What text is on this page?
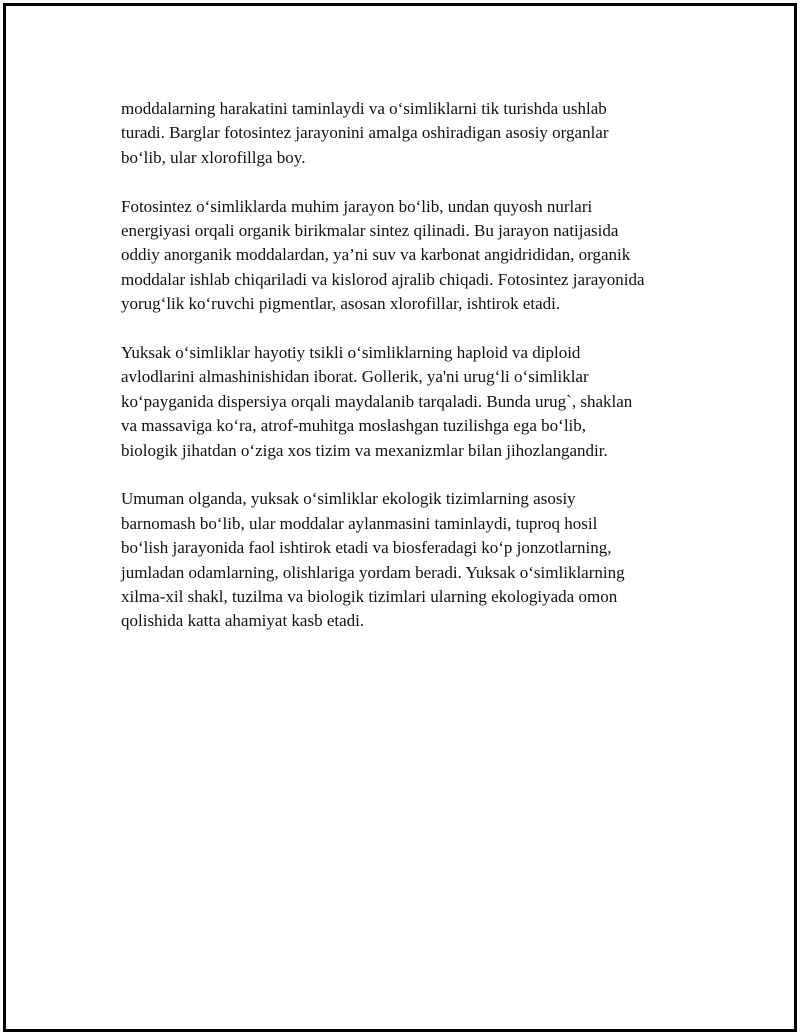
moddalarning harakatini taminlaydi va o‘simliklarni tik turishda ushlab
turadi. Barglar fotosintez jarayonini amalga oshiradigan asosiy organlar
bo‘lib, ular xlorofillga boy.

Fotosintez o‘simliklarda muhim jarayon bo‘lib, undan quyosh nurlari
energiyasi orqali organik birikmalar sintez qilinadi. Bu jarayon natijasida
oddiy anorganik moddalardan, ya’ni suv va karbonat angidrididan, organik
moddalar ishlab chiqariladi va kislorod ajralib chiqadi. Fotosintez jarayonida
yorug‘lik ko‘ruvchi pigmentlar, asosan xlorofillar, ishtirok etadi.

Yuksak o‘simliklar hayotiy tsikli o‘simliklarning haploid va diploid
avlodlarini almashinishidan iborat. Gollerik, ya'ni urug‘li o‘simliklar
ko‘payganida dispersiya orqali maydalanib tarqaladi. Bunda urug`, shaklan
va massaviga ko‘ra, atrof-muhitga moslashgan tuzilishga ega bo‘lib,
biologik jihatdan o‘ziga xos tizim va mexanizmlar bilan jihozlangandir.

Umuman olganda, yuksak o‘simliklar ekologik tizimlarning asosiy
barnomash bo‘lib, ular moddalar aylanmasini taminlaydi, tuproq hosil
bo‘lish jarayonida faol ishtirok etadi va biosferadagi ko‘p jonzotlarning,
jumladan odamlarning, olishlariga yordam beradi. Yuksak o‘simliklarning
xilma-xil shakl, tuzilma va biologik tizimlari ularning ekologiyada omon
qolishida katta ahamiyat kasb etadi.
